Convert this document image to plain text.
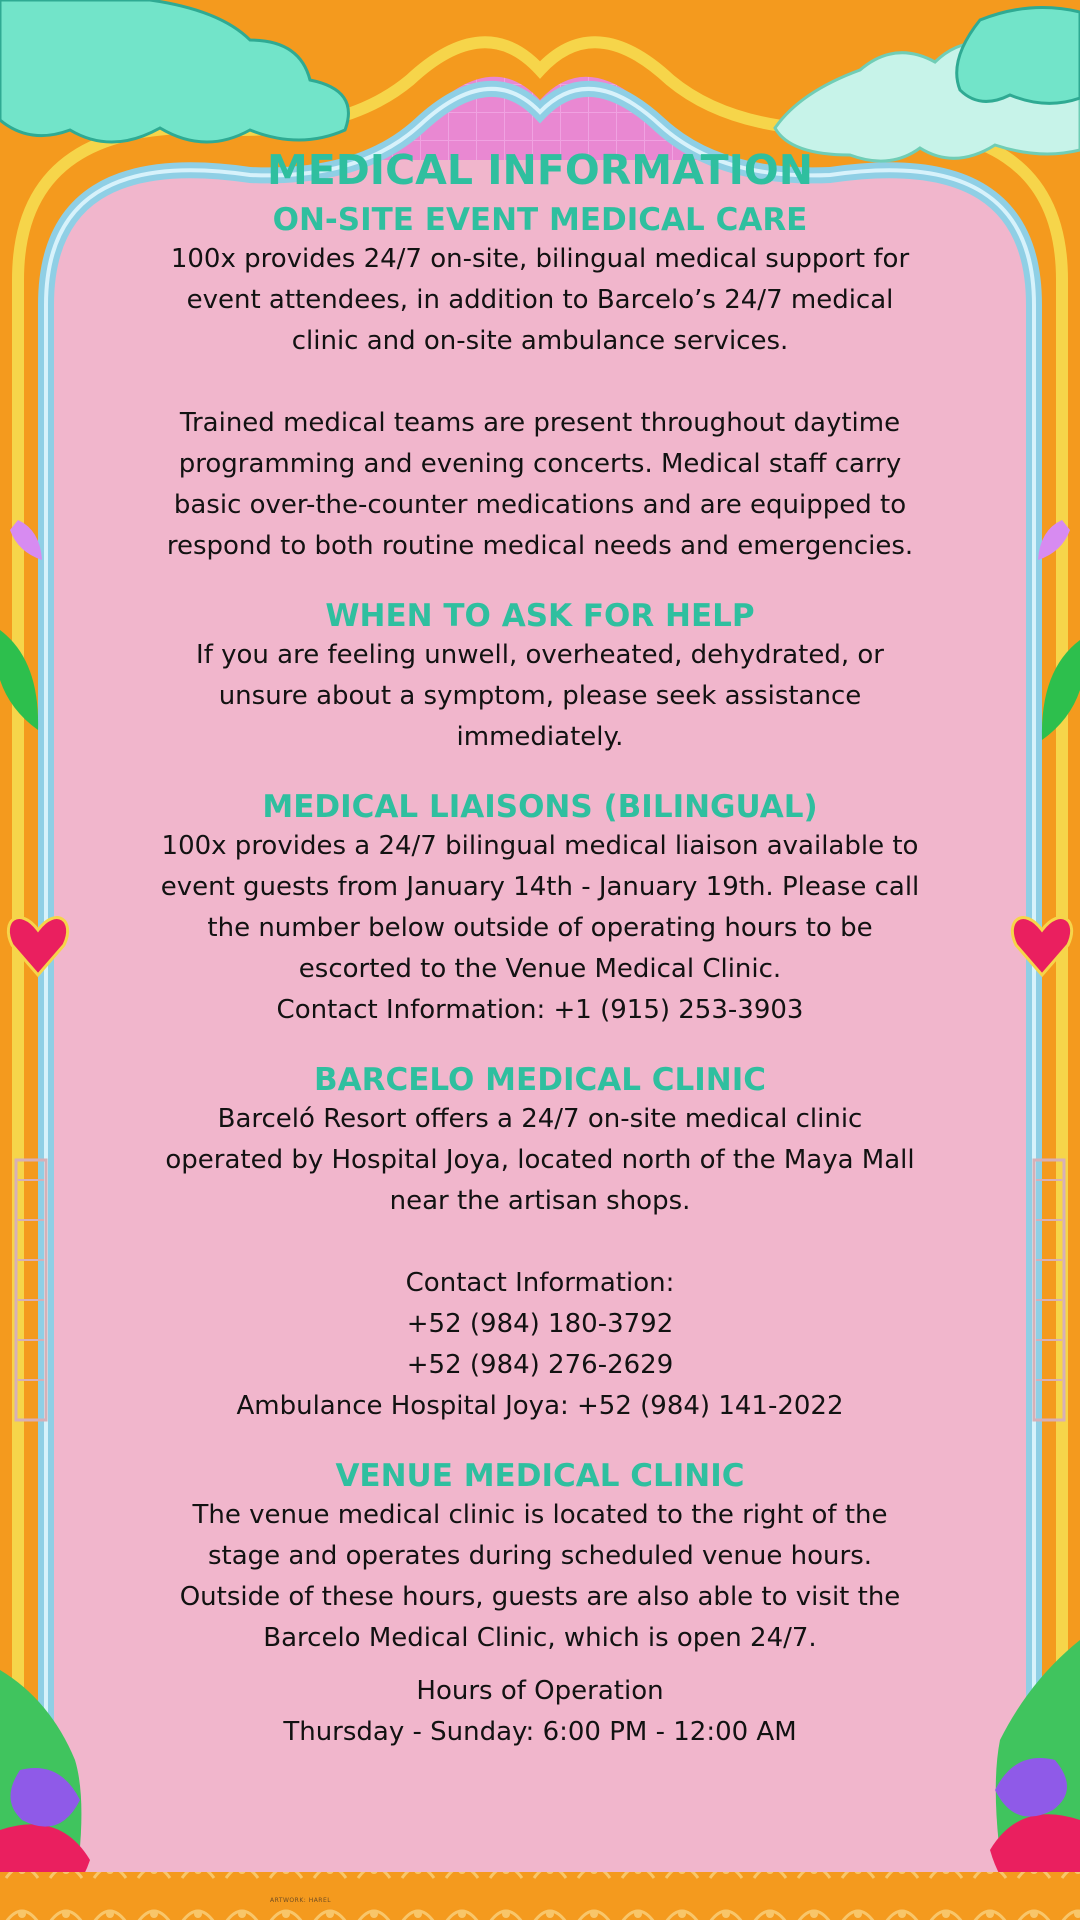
MEDICAL INFORMATION
ON-SITE EVENT MEDICAL CARE

100x provides 24/7 on-site, bilingual medical support for

event attendees, in addition to Barcelo’s 24/7 medical

clinic and on-site ambulance services.

Trained medical teams are present throughout daytime

programming and evening concerts. Medical staff carry

basic over-the-counter medications and are equipped to

respond to both routine medical needs and emergencies.

WHEN TO ASK FOR HELP

If you are feeling unwell, overheated, dehydrated, or

unsure about a symptom, please seek assistance

immediately.

MEDICAL LIAISONS (BILINGUAL)

100x provides a 24/7 bilingual medical liaison available to

event guests from January 14th - January 19th. Please call

the number below outside of operating hours to be

escorted to the Venue Medical Clinic.

Contact Information: +1 (915) 253-3903

BARCELO MEDICAL CLINIC

Barceló Resort offers a 24/7 on-site medical clinic

operated by Hospital Joya, located north of the Maya Mall

near the artisan shops.

Contact Information:

+52 (984) 180-3792

+52 (984) 276-2629

Ambulance Hospital Joya: +52 (984) 141-2022

VENUE MEDICAL CLINIC

The venue medical clinic is located to the right of the

stage and operates during scheduled venue hours.

Outside of these hours, guests are also able to visit the

Barcelo Medical Clinic, which is open 24/7.

Hours of Operation

Thursday - Sunday: 6:00 PM - 12:00 AM

ARTWORK: HAREL
